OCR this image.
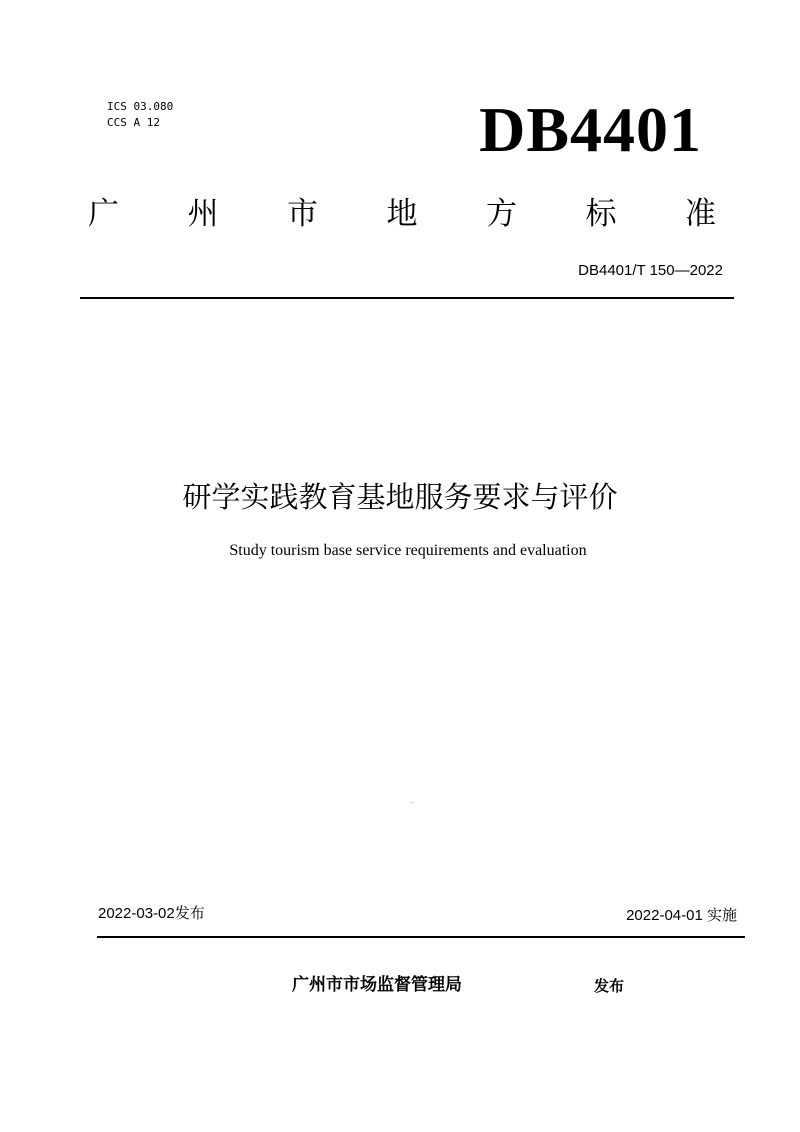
ICS 03.080
CCS A 12	DB4401
广 州 市 地 方 标 准
DB4401/T 150—2022
研学实践教育基地服务要求与评价
Study tourism base service requirements and evaluation
2022-03-02发布	2022-04-01 实施
广州市市场监督管理局	发布
